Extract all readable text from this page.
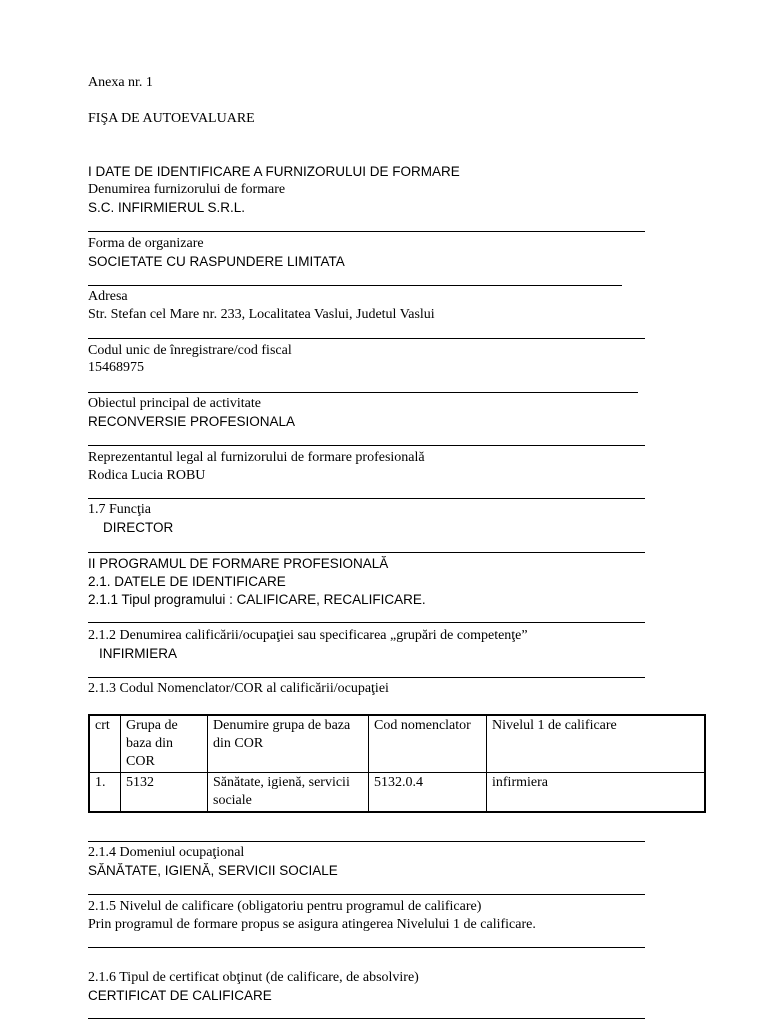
Anexa nr. 1
FIŞA DE AUTOEVALUARE
I DATE DE IDENTIFICARE A FURNIZORULUI DE FORMARE
Denumirea furnizorului de formare
S.C. INFIRMIERUL S.R.L.
Forma de organizare
SOCIETATE CU RASPUNDERE LIMITATA
Adresa
Str. Stefan cel Mare nr. 233, Localitatea Vaslui, Judetul Vaslui
Codul unic de înregistrare/cod fiscal
15468975
Obiectul principal de activitate
RECONVERSIE PROFESIONALA
Reprezentantul legal al furnizorului de formare profesională
Rodica Lucia ROBU
1.7 Funcţia
DIRECTOR
II PROGRAMUL DE FORMARE PROFESIONALĂ
2.1. DATELE DE IDENTIFICARE
2.1.1 Tipul programului : CALIFICARE, RECALIFICARE.
2.1.2 Denumirea calificării/ocupaţiei sau specificarea „grupări de competenţe”
INFIRMIERA
2.1.3 Codul Nomenclator/COR al calificării/ocupaţiei
crt	Grupa de baza din COR	Denumire grupa de baza din COR	Cod nomenclator	Nivelul 1 de calificare
1.	5132	Sănătate, igienă, servicii sociale	5132.0.4	infirmiera
2.1.4 Domeniul ocupaţional
SĂNĂTATE, IGIENĂ, SERVICII SOCIALE
2.1.5 Nivelul de calificare (obligatoriu pentru programul de calificare)
Prin programul de formare propus se asigura atingerea Nivelului 1 de calificare.
2.1.6 Tipul de certificat obţinut (de calificare, de absolvire)
CERTIFICAT DE CALIFICARE
